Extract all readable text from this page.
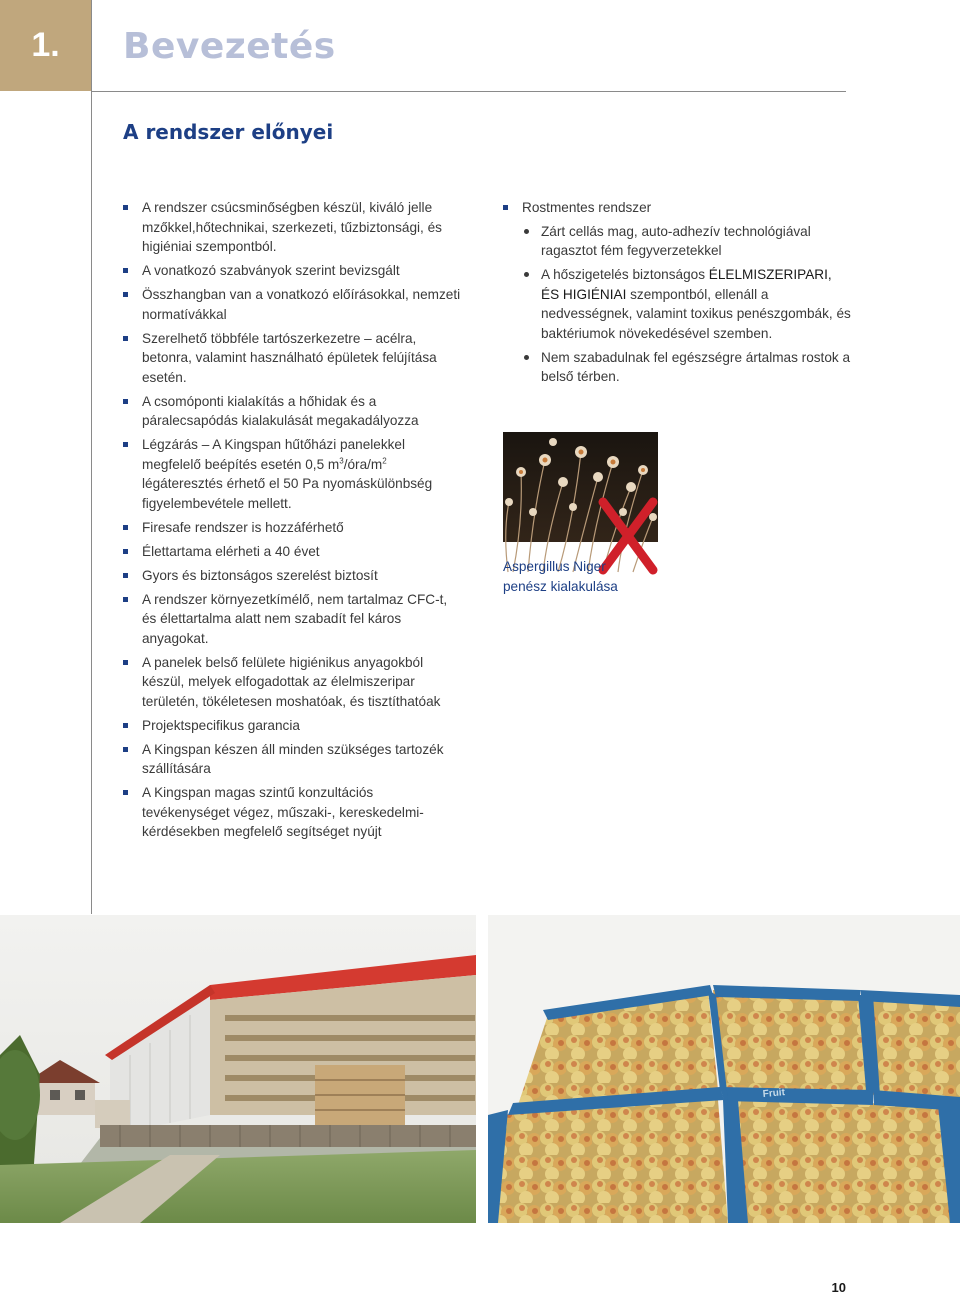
1. Bevezetés
A rendszer előnyei
A rendszer csúcsminőségben készül, kiváló jelle mzőkkel,hőtechnikai, szerkezeti, tűzbiztonsági, és higiéniai szempontból.
A vonatkozó szabványok szerint bevizsgált
Összhangban van a vonatkozó előírásokkal, nemzeti normatívákkal
Szerelhető többféle tartószerkezetre – acélra, betonra, valamint használható épületek felújítása esetén.
A csomóponti kialakítás a hőhidak és a páralecsapódás kialakulását megakadályozza
Légzárás – A Kingspan hűtőházi panelekkel megfelelő beépítés esetén 0,5 $m^3/óra/m^2$ légáteresztés érhető el 50 Pa nyomáskülönbség figyelembevétele mellett.
Firesafe rendszer is hozzáférhető
Élettartama elérheti a 40 évet
Gyors és biztonságos szerelést biztosít
A rendszer környezetkímélő, nem tartalmaz CFC-t, és élettartalma alatt nem szabadít fel káros anyagokat.
A panelek belső felülete higiénikus anyagokból készül, melyek elfogadottak az élelmiszeripar területén, tökéletesen moshatóak, és tisztíthatóak
Projektspecifikus garancia
A Kingspan készen áll minden szükséges tartozék szállítására
A Kingspan magas szintű konzultációs tevékenységet végez, műszaki-, kereskedelmi-kérdésekben megfelelő segítséget nyújt
Rostmentes rendszer
Zárt cellás mag, auto-adhezív technológiával ragasztot fém fegyverzetekkel
A hőszigetelés biztonságos ÉLELMISZERIPARI, ÉS HIGIÉNIAI szempontból, ellenáll a nedvességnek, valamint toxikus penészgombák, és baktériumok növekedésével szemben.
Nem szabadulnak fel egészségre ártalmas rostok a belső térben.
Aspergillus Niger penész kialakulása
Fruit
10
